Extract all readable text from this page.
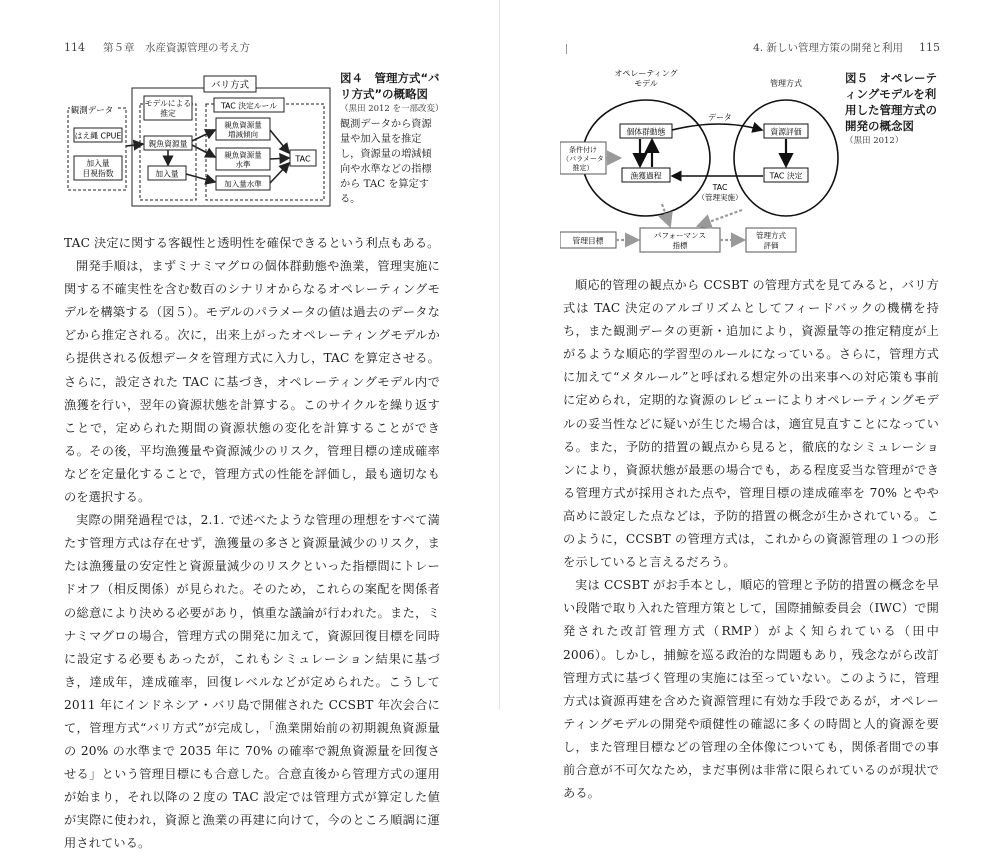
114 第５章　水産資源管理の考え方
バリ方式
観測データ
はえ縄 CPUE
加入量
目視指数
モデルによる
推定
親魚資源量
加入量
TAC 決定ルール
親魚資源量
増減傾向
親魚資源量
水準
加入量水準
TAC
図４　管理方式“バリ方式”の概略図
（黒田 2012 を一部改変）
観測データから資源量や加入量を推定し，資源量の増減傾向や水準などの指標から TAC を算定する。

TAC 決定に関する客観性と透明性を確保できるという利点もある。

開発手順は，まずミナミマグロの個体群動態や漁業，管理実施に関する不確実性を含む数百のシナリオからなるオペレーティングモデルを構築する（図５）。モデルのパラメータの値は過去のデータなどから推定される。次に，出来上がったオペレーティングモデルから提供される仮想データを管理方式に入力し，TAC を算定させる。さらに，設定された TAC に基づき，オペレーティングモデル内で漁獲を行い，翌年の資源状態を計算する。このサイクルを繰り返すことで，定められた期間の資源状態の変化を計算することができる。その後，平均漁獲量や資源減少のリスク，管理目標の達成確率などを定量化することで，管理方式の性能を評価し，最も適切なものを選択する。

実際の開発過程では，2.1. で述べたような管理の理想をすべて満たす管理方式は存在せず，漁獲量の多さと資源量減少のリスク，または漁獲量の安定性と資源量減少のリスクといった指標間にトレードオフ（相反関係）が見られた。そのため，これらの案配を関係者の総意により決める必要があり，慎重な議論が行われた。また，ミナミマグロの場合，管理方式の開発に加えて，資源回復目標を同時に設定する必要もあったが，これもシミュレーション結果に基づき，達成年，達成確率，回復レベルなどが定められた。こうして 2011 年にインドネシア・バリ島で開催された CCSBT 年次会合にて，管理方式“バリ方式”が完成し，「漁業開始前の初期親魚資源量の 20% の水準まで 2035 年に 70% の確率で親魚資源量を回復させる」という管理目標にも合意した。合意直後から管理方式の運用が始まり，それ以降の２度の TAC 設定では管理方式が算定した値が実際に使われ，資源と漁業の再建に向けて，今のところ順調に運用されている。

4. 新しい管理方策の開発と利用 115
オペレーティング
モデル	管理方式
個体群動態
漁獲過程
資源評価
TAC 決定
データ
TAC
（管理実施）
条件付け
（パラメータ
推定）
管理目標
パフォーマンス
指標
管理方式
評価
図５　オペレーティングモデルを利用した管理方式の開発の概念図
（黒田 2012）

順応的管理の観点から CCSBT の管理方式を見てみると，バリ方式は TAC 決定のアルゴリズムとしてフィードバックの機構を持ち，また観測データの更新・追加により，資源量等の推定精度が上がるような順応的学習型のルールになっている。さらに，管理方式に加えて“メタルール”と呼ばれる想定外の出来事への対応策も事前に定められ，定期的な資源のレビューによりオペレーティングモデルの妥当性などに疑いが生じた場合は，適宜見直すことになっている。また，予防的措置の観点から見ると，徹底的なシミュレーションにより，資源状態が最悪の場合でも，ある程度妥当な管理ができる管理方式が採用された点や，管理目標の達成確率を 70% とやや高めに設定した点などは，予防的措置の概念が生かされている。このように，CCSBT の管理方式は，これからの資源管理の１つの形を示していると言えるだろう。

実は CCSBT がお手本とし，順応的管理と予防的措置の概念を早い段階で取り入れた管理方策として，国際捕鯨委員会（IWC）で開発された改訂管理方式（RMP）がよく知られている（田中 2006）。しかし，捕鯨を巡る政治的な問題もあり，残念ながら改訂管理方式に基づく管理の実施には至っていない。このように，管理方式は資源再建を含めた資源管理に有効な手段であるが，オペレーティングモデルの開発や頑健性の確認に多くの時間と人的資源を要し，また管理目標などの管理の全体像についても，関係者間での事前合意が不可欠なため，まだ事例は非常に限られているのが現状である。
